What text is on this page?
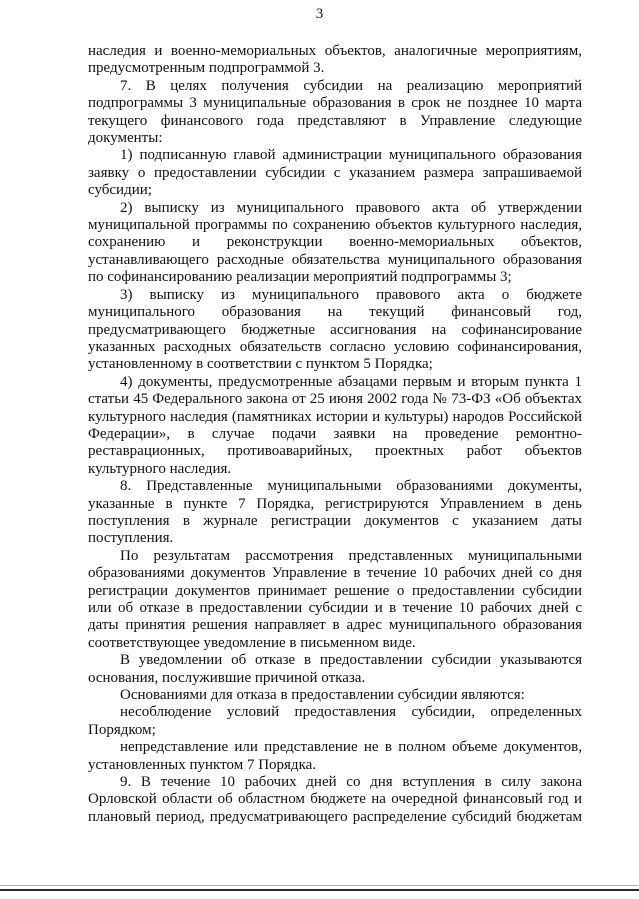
3

наследия и военно-мемориальных объектов, аналогичные мероприятиям, предусмотренным подпрограммой 3.

7. В целях получения субсидии на реализацию мероприятий подпрограммы 3 муниципальные образования в срок не позднее 10 марта текущего финансового года представляют в Управление следующие документы:

1) подписанную главой администрации муниципального образования заявку о предоставлении субсидии с указанием размера запрашиваемой субсидии;

2) выписку из муниципального правового акта об утверждении муниципальной программы по сохранению объектов культурного наследия, сохранению и реконструкции военно-мемориальных объектов, устанавливающего расходные обязательства муниципального образования по софинансированию реализации мероприятий подпрограммы 3;

3) выписку из муниципального правового акта о бюджете муниципального образования на текущий финансовый год, предусматривающего бюджетные ассигнования на софинансирование указанных расходных обязательств согласно условию софинансирования, установленному в соответствии с пунктом 5 Порядка;

4) документы, предусмотренные абзацами первым и вторым пункта 1 статьи 45 Федерального закона от 25 июня 2002 года № 73-ФЗ «Об объектах культурного наследия (памятниках истории и культуры) народов Российской Федерации», в случае подачи заявки на проведение ремонтно-реставрационных, противоаварийных, проектных работ объектов культурного наследия.

8. Представленные муниципальными образованиями документы, указанные в пункте 7 Порядка, регистрируются Управлением в день поступления в журнале регистрации документов с указанием даты поступления.

По результатам рассмотрения представленных муниципальными образованиями документов Управление в течение 10 рабочих дней со дня регистрации документов принимает решение о предоставлении субсидии или об отказе в предоставлении субсидии и в течение 10 рабочих дней с даты принятия решения направляет в адрес муниципального образования соответствующее уведомление в письменном виде.

В уведомлении об отказе в предоставлении субсидии указываются основания, послужившие причиной отказа.

Основаниями для отказа в предоставлении субсидии являются:

несоблюдение условий предоставления субсидии, определенных Порядком;

непредставление или представление не в полном объеме документов, установленных пунктом 7 Порядка.

9. В течение 10 рабочих дней со дня вступления в силу закона Орловской области об областном бюджете на очередной финансовый год и плановый период, предусматривающего распределение субсидий бюджетам
